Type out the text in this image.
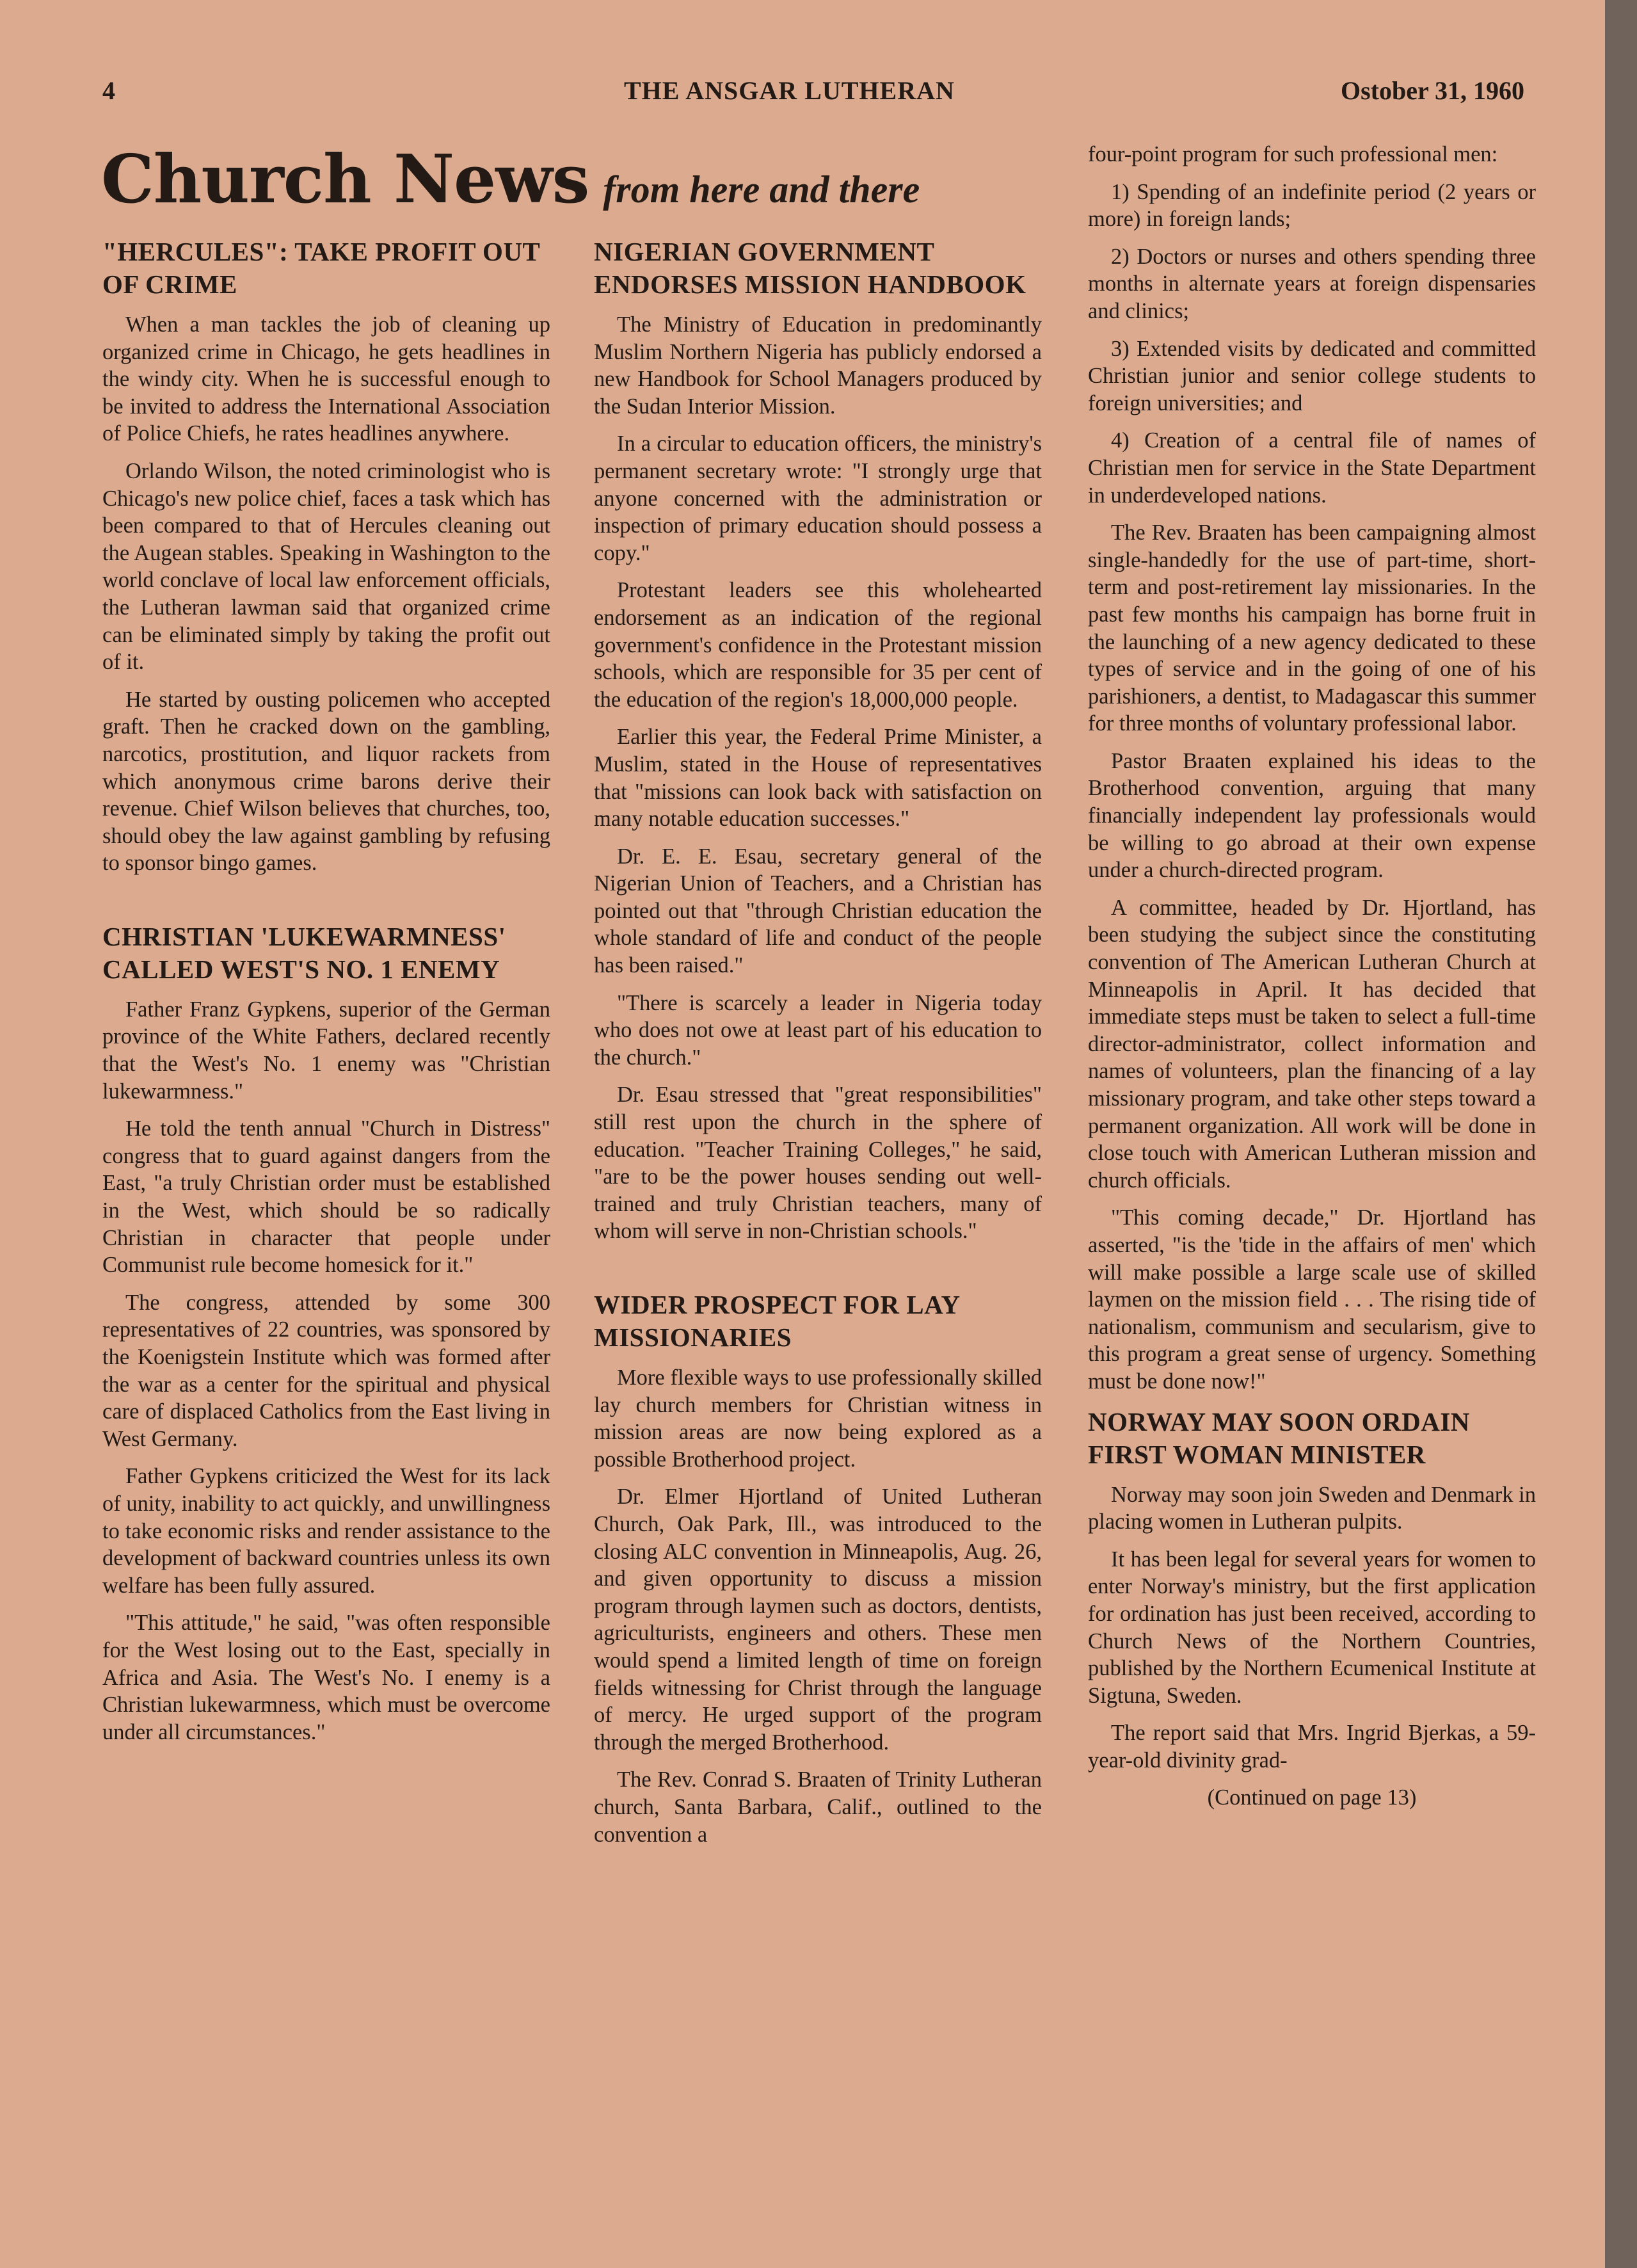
4	THE ANSGAR LUTHERAN	Ostober 31, 1960
Church News from here and there
"HERCULES": TAKE PROFIT OUT OF CRIME

When a man tackles the job of cleaning up organized crime in Chicago, he gets headlines in the windy city. When he is successful enough to be invited to address the International Association of Police Chiefs, he rates headlines anywhere.

Orlando Wilson, the noted criminologist who is Chicago's new police chief, faces a task which has been compared to that of Hercules cleaning out the Augean stables. Speaking in Washington to the world conclave of local law enforcement officials, the Lutheran lawman said that organized crime can be eliminated simply by taking the profit out of it.

He started by ousting policemen who accepted graft. Then he cracked down on the gambling, narcotics, prostitution, and liquor rackets from which anonymous crime barons derive their revenue. Chief Wilson believes that churches, too, should obey the law against gambling by refusing to sponsor bingo games.

CHRISTIAN 'LUKEWARMNESS' CALLED WEST'S NO. 1 ENEMY

Father Franz Gypkens, superior of the German province of the White Fathers, declared recently that the West's No. 1 enemy was "Christian lukewarmness."

He told the tenth annual "Church in Distress" congress that to guard against dangers from the East, "a truly Christian order must be established in the West, which should be so radically Christian in character that people under Communist rule become homesick for it."

The congress, attended by some 300 representatives of 22 countries, was sponsored by the Koenigstein Institute which was formed after the war as a center for the spiritual and physical care of displaced Catholics from the East living in West Germany.

Father Gypkens criticized the West for its lack of unity, inability to act quickly, and unwillingness to take economic risks and render assistance to the development of backward countries unless its own welfare has been fully assured.

"This attitude," he said, "was often responsible for the West losing out to the East, specially in Africa and Asia. The West's No. I enemy is a Christian lukewarmness, which must be overcome under all circumstances."

NIGERIAN GOVERNMENT ENDORSES MISSION HANDBOOK

The Ministry of Education in predominantly Muslim Northern Nigeria has publicly endorsed a new Handbook for School Managers produced by the Sudan Interior Mission.

In a circular to education officers, the ministry's permanent secretary wrote: "I strongly urge that anyone concerned with the administration or inspection of primary education should possess a copy."

Protestant leaders see this wholehearted endorsement as an indication of the regional government's confidence in the Protestant mission schools, which are responsible for 35 per cent of the education of the region's 18,000,000 people.

Earlier this year, the Federal Prime Minister, a Muslim, stated in the House of representatives that "missions can look back with satisfaction on many notable education successes."

Dr. E. E. Esau, secretary general of the Nigerian Union of Teachers, and a Christian has pointed out that "through Christian education the whole standard of life and conduct of the people has been raised."

"There is scarcely a leader in Nigeria today who does not owe at least part of his education to the church."

Dr. Esau stressed that "great responsibilities" still rest upon the church in the sphere of education. "Teacher Training Colleges," he said, "are to be the power houses sending out well-trained and truly Christian teachers, many of whom will serve in non-Christian schools."

WIDER PROSPECT FOR LAY MISSIONARIES

More flexible ways to use professionally skilled lay church members for Christian witness in mission areas are now being explored as a possible Brotherhood project.

Dr. Elmer Hjortland of United Lutheran Church, Oak Park, Ill., was introduced to the closing ALC convention in Minneapolis, Aug. 26, and given opportunity to discuss a mission program through laymen such as doctors, dentists, agriculturists, engineers and others. These men would spend a limited length of time on foreign fields witnessing for Christ through the language of mercy. He urged support of the program through the merged Brotherhood.

The Rev. Conrad S. Braaten of Trinity Lutheran church, Santa Barbara, Calif., outlined to the convention a

four-point program for such professional men:

1) Spending of an indefinite period (2 years or more) in foreign lands;

2) Doctors or nurses and others spending three months in alternate years at foreign dispensaries and clinics;

3) Extended visits by dedicated and committed Christian junior and senior college students to foreign universities; and

4) Creation of a central file of names of Christian men for service in the State Department in underdeveloped nations.

The Rev. Braaten has been campaigning almost single-handedly for the use of part-time, short-term and post-retirement lay missionaries. In the past few months his campaign has borne fruit in the launching of a new agency dedicated to these types of service and in the going of one of his parishioners, a dentist, to Madagascar this summer for three months of voluntary professional labor.

Pastor Braaten explained his ideas to the Brotherhood convention, arguing that many financially independent lay professionals would be willing to go abroad at their own expense under a church-directed program.

A committee, headed by Dr. Hjortland, has been studying the subject since the constituting convention of The American Lutheran Church at Minneapolis in April. It has decided that immediate steps must be taken to select a full-time director-administrator, collect information and names of volunteers, plan the financing of a lay missionary program, and take other steps toward a permanent organization. All work will be done in close touch with American Lutheran mission and church officials.

"This coming decade," Dr. Hjortland has asserted, "is the 'tide in the affairs of men' which will make possible a large scale use of skilled laymen on the mission field . . . The rising tide of nationalism, communism and secularism, give to this program a great sense of urgency. Something must be done now!"

NORWAY MAY SOON ORDAIN FIRST WOMAN MINISTER

Norway may soon join Sweden and Denmark in placing women in Lutheran pulpits.

It has been legal for several years for women to enter Norway's ministry, but the first application for ordination has just been received, according to Church News of the Northern Countries, published by the Northern Ecumenical Institute at Sigtuna, Sweden.

The report said that Mrs. Ingrid Bjerkas, a 59-year-old divinity grad-

(Continued on page 13)
